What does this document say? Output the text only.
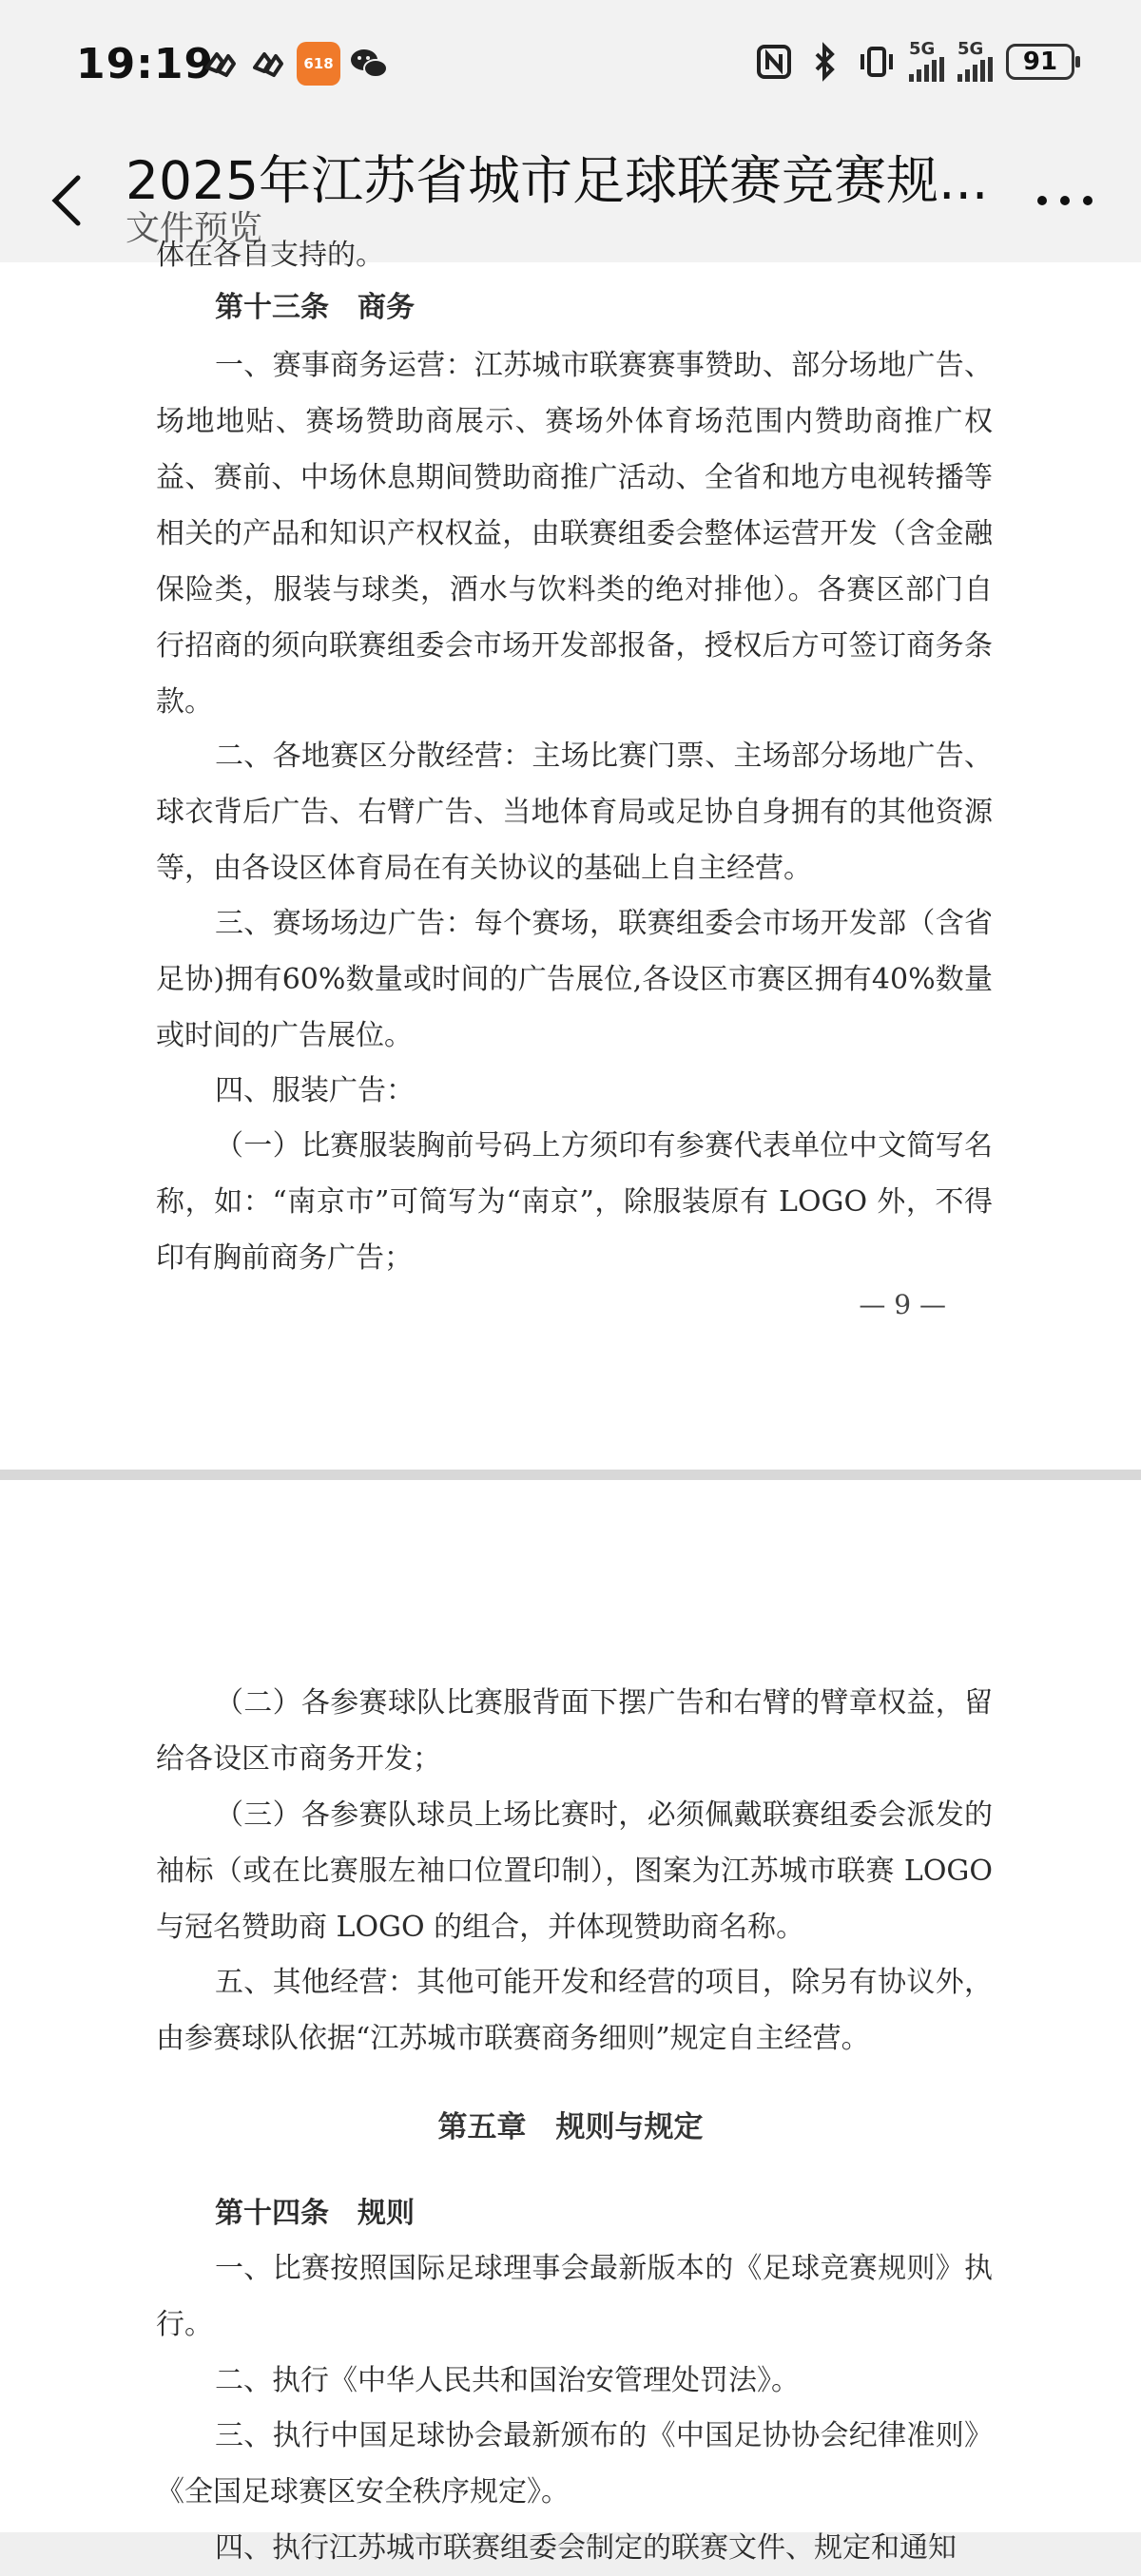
19:19	618
5G 5G	91
2025年江苏省城市足球联赛竞赛规...
文件预览
体在各自支持的。
第十三条　商务
一、赛事商务运营：江苏城市联赛赛事赞助、部分场地广告、场地地贴、赛场赞助商展示、赛场外体育场范围内赞助商推广权益、赛前、中场休息期间赞助商推广活动、全省和地方电视转播等相关的产品和知识产权权益，由联赛组委会整体运营开发（含金融保险类，服装与球类，酒水与饮料类的绝对排他）。各赛区部门自行招商的须向联赛组委会市场开发部报备，授权后方可签订商务条款。
二、各地赛区分散经营：主场比赛门票、主场部分场地广告、球衣背后广告、右臂广告、当地体育局或足协自身拥有的其他资源等，由各设区体育局在有关协议的基础上自主经营。
三、赛场场边广告：每个赛场，联赛组委会市场开发部（含省足协)拥有60%数量或时间的广告展位,各设区市赛区拥有40%数量或时间的广告展位。
四、服装广告：
（一）比赛服装胸前号码上方须印有参赛代表单位中文简写名称，如：“南京市”可简写为“南京”，除服装原有 LOGO 外，不得印有胸前商务广告；
— 9 —
（二）各参赛球队比赛服背面下摆广告和右臂的臂章权益，留给各设区市商务开发；
（三）各参赛队球员上场比赛时，必须佩戴联赛组委会派发的袖标（或在比赛服左袖口位置印制），图案为江苏城市联赛 LOGO 与冠名赞助商 LOGO 的组合，并体现赞助商名称。
五、其他经营：其他可能开发和经营的项目，除另有协议外，由参赛球队依据“江苏城市联赛商务细则”规定自主经营。
第五章　规则与规定
第十四条　规则
一、比赛按照国际足球理事会最新版本的《足球竞赛规则》执行。
二、执行《中华人民共和国治安管理处罚法》。
三、执行中国足球协会最新颁布的《中国足协协会纪律准则》《全国足球赛区安全秩序规定》。
四、执行江苏城市联赛组委会制定的联赛文件、规定和通知
